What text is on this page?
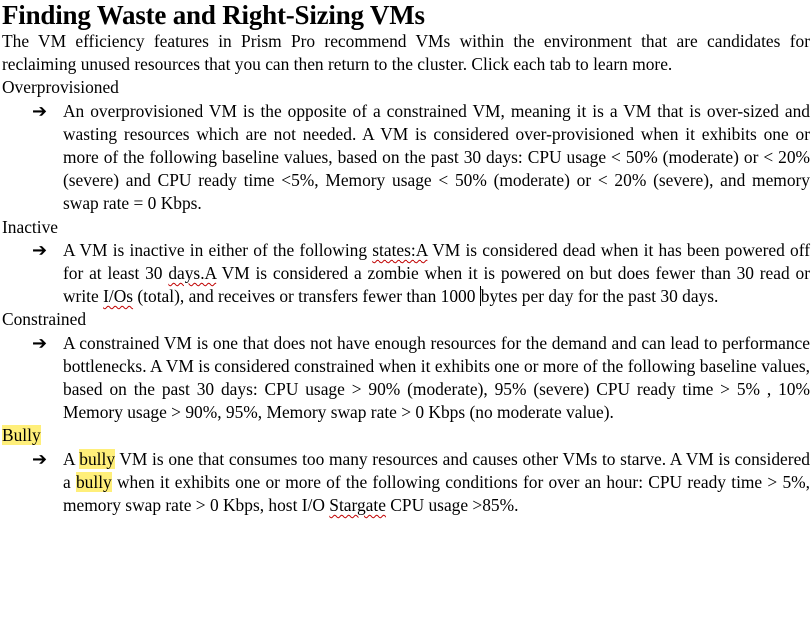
Finding Waste and Right-Sizing VMs

The VM efficiency features in Prism Pro recommend VMs within the environment that are candidates for reclaiming unused resources that you can then return to the cluster. Click each tab to learn more.

Overprovisioned

➔ An overprovisioned VM is the opposite of a constrained VM, meaning it is a VM that is over-sized and wasting resources which are not needed. A VM is considered over-provisioned when it exhibits one or more of the following baseline values, based on the past 30 days: CPU usage < 50% (moderate) or < 20% (severe) and CPU ready time <5%, Memory usage < 50% (moderate) or < 20% (severe), and memory swap rate = 0 Kbps.

Inactive

➔ A VM is inactive in either of the following states:A VM is considered dead when it has been powered off for at least 30 days.A VM is considered a zombie when it is powered on but does fewer than 30 read or write I/Os (total), and receives or transfers fewer than 1000 bytes per day for the past 30 days.

Constrained

➔ A constrained VM is one that does not have enough resources for the demand and can lead to performance bottlenecks. A VM is considered constrained when it exhibits one or more of the following baseline values, based on the past 30 days: CPU usage > 90% (moderate), 95% (severe) CPU ready time > 5% , 10% Memory usage > 90%, 95%, Memory swap rate > 0 Kbps (no moderate value).

Bully

➔ A bully VM is one that consumes too many resources and causes other VMs to starve. A VM is considered a bully when it exhibits one or more of the following conditions for over an hour: CPU ready time > 5%, memory swap rate > 0 Kbps, host I/O Stargate CPU usage >85%.
